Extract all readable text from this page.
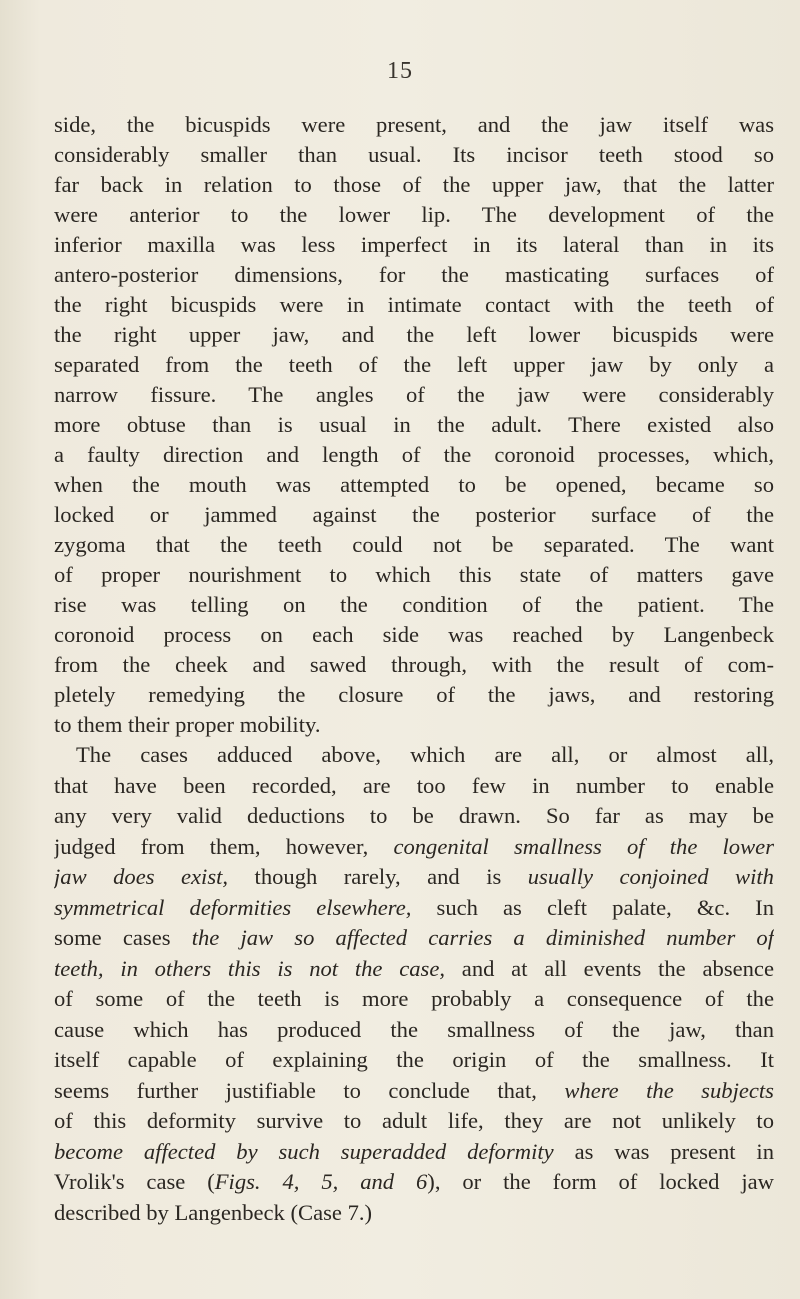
15
side, the bicuspids were present, and the jaw itself was
considerably smaller than usual. Its incisor teeth stood so
far back in relation to those of the upper jaw, that the latter
were anterior to the lower lip. The development of the
inferior maxilla was less imperfect in its lateral than in its
antero-posterior dimensions, for the masticating surfaces of
the right bicuspids were in intimate contact with the teeth of
the right upper jaw, and the left lower bicuspids were
separated from the teeth of the left upper jaw by only a
narrow fissure. The angles of the jaw were considerably
more obtuse than is usual in the adult. There existed also
a faulty direction and length of the coronoid processes, which,
when the mouth was attempted to be opened, became so
locked or jammed against the posterior surface of the
zygoma that the teeth could not be separated. The want
of proper nourishment to which this state of matters gave
rise was telling on the condition of the patient. The
coronoid process on each side was reached by Langenbeck
from the cheek and sawed through, with the result of com-
pletely remedying the closure of the jaws, and restoring
to them their proper mobility.
The cases adduced above, which are all, or almost all,
that have been recorded, are too few in number to enable
any very valid deductions to be drawn. So far as may be
judged from them, however, congenital smallness of the lower
jaw does exist, though rarely, and is usually conjoined with
symmetrical deformities elsewhere, such as cleft palate, &c. In
some cases the jaw so affected carries a diminished number of
teeth, in others this is not the case, and at all events the absence
of some of the teeth is more probably a consequence of the
cause which has produced the smallness of the jaw, than
itself capable of explaining the origin of the smallness. It
seems further justifiable to conclude that, where the subjects
of this deformity survive to adult life, they are not unlikely to
become affected by such superadded deformity as was present in
Vrolik's case (Figs. 4, 5, and 6), or the form of locked jaw
described by Langenbeck (Case 7.)
